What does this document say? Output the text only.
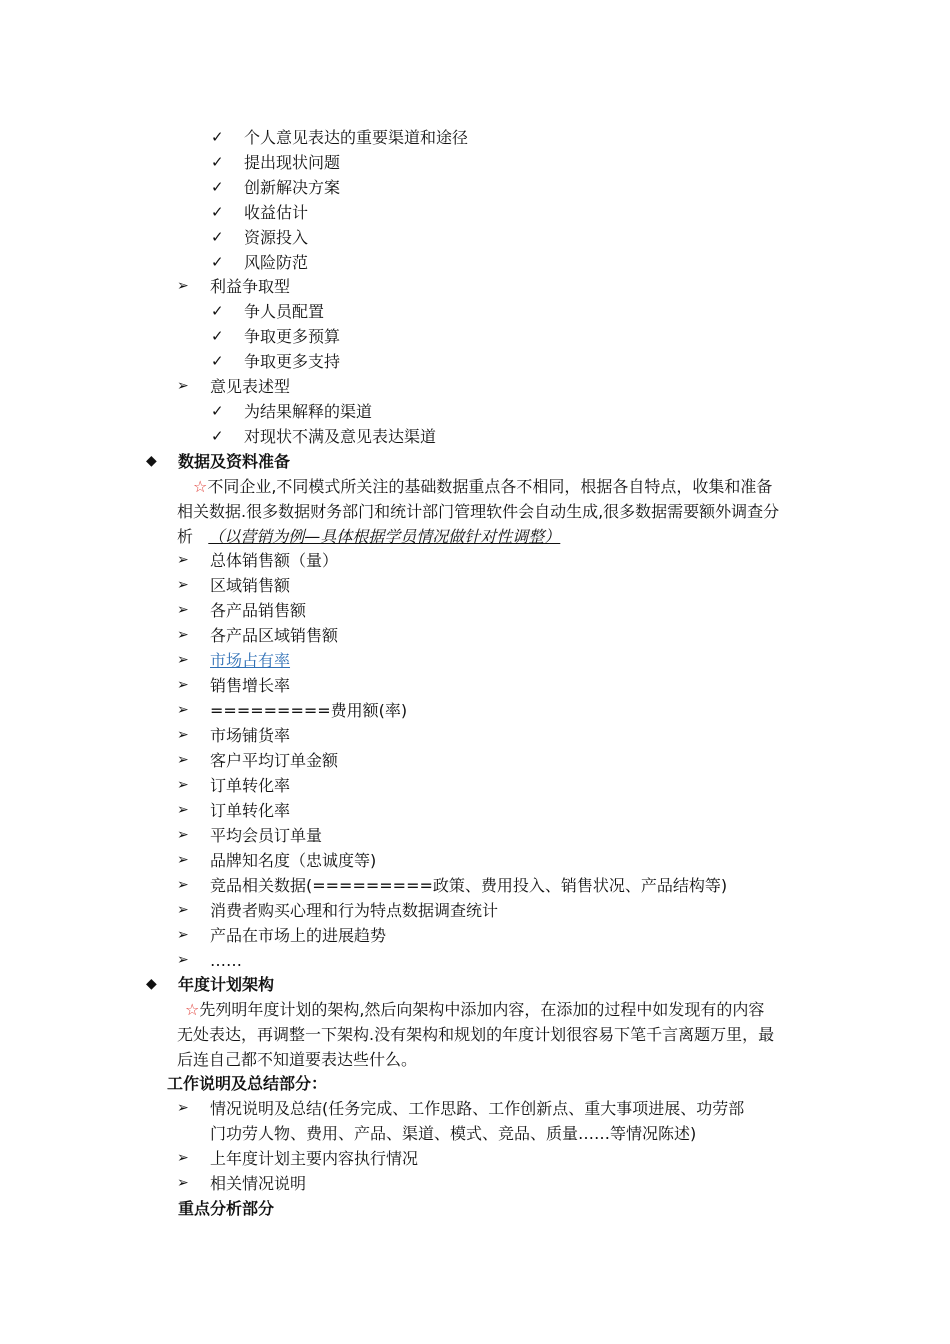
✓	个人意见表达的重要渠道和途径
✓	提出现状问题
✓	创新解决方案
✓	收益估计
✓	资源投入
✓	风险防范
➢	利益争取型
✓	争人员配置
✓	争取更多预算
✓	争取更多支持
➢	意见表述型
✓	为结果解释的渠道
✓	对现状不满及意见表达渠道
◆ 数据及资料准备
☆不同企业,不同模式所关注的基础数据重点各不相同，根据各自特点，收集和准备
相关数据.很多数据财务部门和统计部门管理软件会自动生成,很多数据需要额外调查分
析 （以营销为例—具体根据学员情况做针对性调整）
➢	总体销售额（量）
➢	区域销售额
➢	各产品销售额
➢	各产品区域销售额
➢	市场占有率
➢	销售增长率
➢	=========费用额(率)
➢	市场铺货率
➢	客户平均订单金额
➢	订单转化率
➢	订单转化率
➢	平均会员订单量
➢	品牌知名度（忠诚度等)
➢	竞品相关数据(=========政策、费用投入、销售状况、产品结构等)
➢	消费者购买心理和行为特点数据调查统计
➢	产品在市场上的进展趋势
➢	……
◆ 年度计划架构
☆先列明年度计划的架构,然后向架构中添加内容，在添加的过程中如发现有的内容
无处表达，再调整一下架构.没有架构和规划的年度计划很容易下笔千言离题万里，最
后连自己都不知道要表达些什么。
工作说明及总结部分：
➢	情况说明及总结(任务完成、工作思路、工作创新点、重大事项进展、功劳部
门功劳人物、费用、产品、渠道、模式、竞品、质量……等情况陈述)
➢	上年度计划主要内容执行情况
➢	相关情况说明
重点分析部分
